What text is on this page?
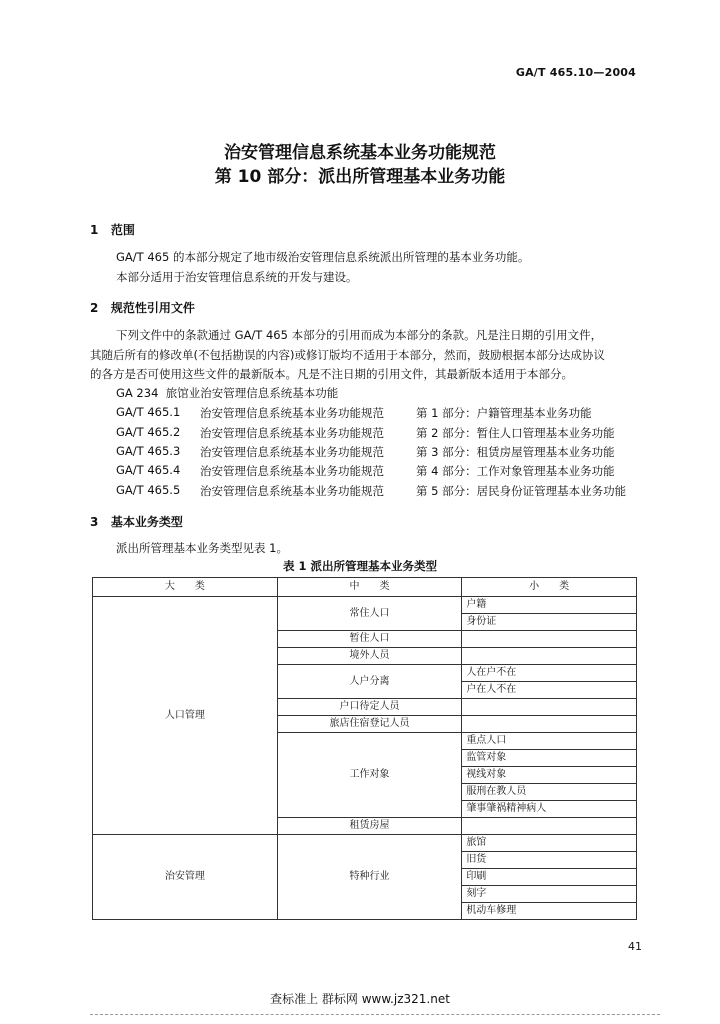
GA/T 465.10—2004
治安管理信息系统基本业务功能规范
第 10 部分：派出所管理基本业务功能
1 范围
GA/T 465 的本部分规定了地市级治安管理信息系统派出所管理的基本业务功能。
本部分适用于治安管理信息系统的开发与建设。
2 规范性引用文件
下列文件中的条款通过 GA/T 465 本部分的引用而成为本部分的条款。凡是注日期的引用文件，
其随后所有的修改单(不包括勘误的内容)或修订版均不适用于本部分，然而，鼓励根据本部分达成协议
的各方是否可使用这些文件的最新版本。凡是不注日期的引用文件，其最新版本适用于本部分。
GA 234 旅馆业治安管理信息系统基本功能
GA/T 465.1 治安管理信息系统基本业务功能规范	第 1 部分：户籍管理基本业务功能
GA/T 465.2 治安管理信息系统基本业务功能规范	第 2 部分：暂住人口管理基本业务功能
GA/T 465.3 治安管理信息系统基本业务功能规范	第 3 部分：租赁房屋管理基本业务功能
GA/T 465.4 治安管理信息系统基本业务功能规范	第 4 部分：工作对象管理基本业务功能
GA/T 465.5 治安管理信息系统基本业务功能规范	第 5 部分：居民身份证管理基本业务功能
3 基本业务类型
派出所管理基本业务类型见表 1。
表 1 派出所管理基本业务类型
大　　类	中　　类	小　　类
人口管理	常住人口	户籍
		身份证
	暂住人口	
	境外人员	
	人户分离	人在户不在
		户在人不在
	户口待定人员	
	旅店住宿登记人员	
	工作对象	重点人口
		监管对象
		视线对象
		服刑在教人员
		肇事肇祸精神病人
	租赁房屋	

治安管理	特种行业	旅馆
		旧货
		印刷
		刻字
		机动车修理
41
查标准上 群标网 www.jz321.net
